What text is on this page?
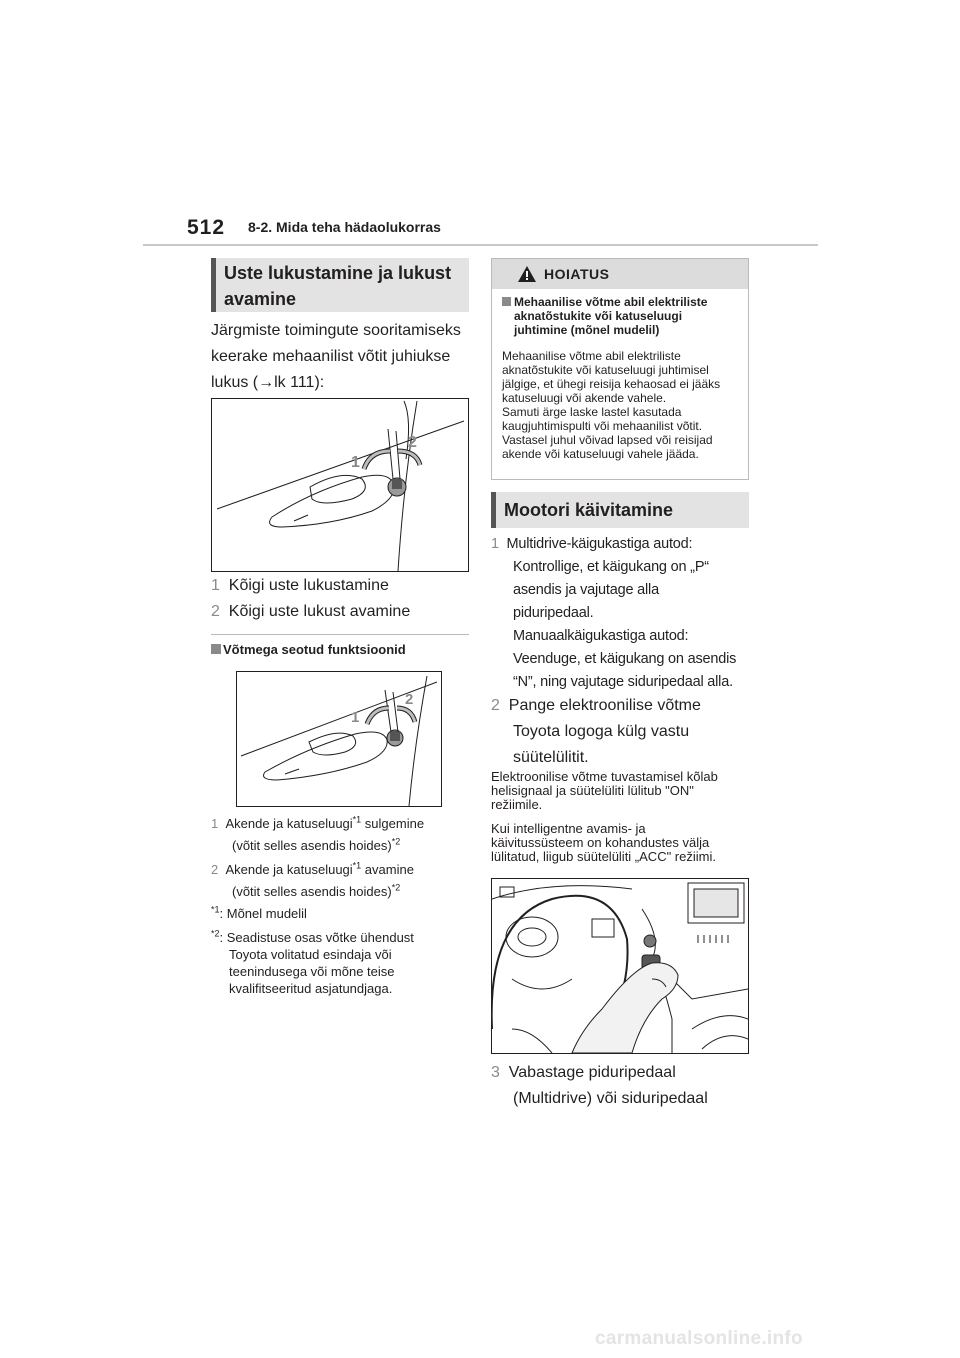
512 8-2. Mida teha hädaolukorras
Uste lukustamine ja lukust
avamine
Järgmiste toimingute sooritamiseks
keerake mehaanilist võtit juhiukse
lukus (→lk 111):
1
2
1 Kõigi uste lukustamine
2 Kõigi uste lukust avamine
Võtmega seotud funktsioonid
1
2
1 Akende ja katuseluugi$^{*1}$ sulgemine
(võtit selles asendis hoides)$^{*2}$
2 Akende ja katuseluugi$^{*1}$ avamine
(võtit selles asendis hoides)$^{*2}$
$^{*1}$: Mõnel mudelil
$^{*2}$: Seadistuse osas võtke ühendust
Toyota volitatud esindaja või
teenindusega või mõne teise
kvalifitseeritud asjatundjaga.
HOIATUS
Mehaanilise võtme abil elektriliste
aknatõstukite või katuseluugi
juhtimine (mõnel mudelil)
Mehaanilise võtme abil elektriliste
aknatõstukite või katuseluugi juhtimisel
jälgige, et ühegi reisija kehaosad ei jääks
katuseluugi või akende vahele.
Samuti ärge laske lastel kasutada
kaugjuhtimispulti või mehaanilist võtit.
Vastasel juhul võivad lapsed või reisijad
akende või katuseluugi vahele jääda.
Mootori käivitamine
1 Multidrive-käigukastiga autod:
Kontrollige, et käigukang on „P“
asendis ja vajutage alla
piduripedaal.
Manuaalkäigukastiga autod:
Veenduge, et käigukang on asendis
“N”, ning vajutage siduripedaal alla.
2 Pange elektroonilise võtme
Toyota logoga külg vastu
süütelülitit.
Elektroonilise võtme tuvastamisel kõlab
helisignaal ja süütelüliti lülitub "ON"
režiimile.
Kui intelligentne avamis- ja
käivitussüsteem on kohandustes välja
lülitatud, liigub süütelüliti „ACC" režiimi.
3 Vabastage piduripedaal
(Multidrive) või siduripedaal
carmanualsonline.info
